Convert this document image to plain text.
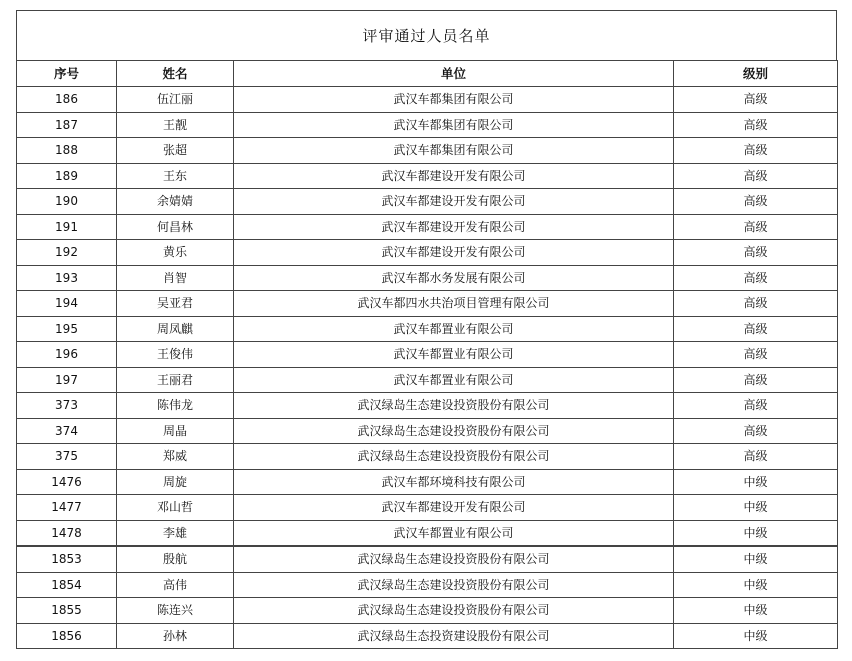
评审通过人员名单
序号	姓名	单位	级别
186	伍江丽	武汉车都集团有限公司	高级
187	王靓	武汉车都集团有限公司	高级
188	张超	武汉车都集团有限公司	高级
189	王东	武汉车都建设开发有限公司	高级
190	余婧婧	武汉车都建设开发有限公司	高级
191	何昌林	武汉车都建设开发有限公司	高级
192	黄乐	武汉车都建设开发有限公司	高级
193	肖智	武汉车都水务发展有限公司	高级
194	吴亚君	武汉车都四水共治项目管理有限公司	高级
195	周凤麒	武汉车都置业有限公司	高级
196	王俊伟	武汉车都置业有限公司	高级
197	王丽君	武汉车都置业有限公司	高级
373	陈伟龙	武汉绿岛生态建设投资股份有限公司	高级
374	周晶	武汉绿岛生态建设投资股份有限公司	高级
375	郑威	武汉绿岛生态建设投资股份有限公司	高级
1476	周旋	武汉车都环境科技有限公司	中级
1477	邓山哲	武汉车都建设开发有限公司	中级
1478	李雄	武汉车都置业有限公司	中级
1853	殷航	武汉绿岛生态建设投资股份有限公司	中级
1854	高伟	武汉绿岛生态建设投资股份有限公司	中级
1855	陈连兴	武汉绿岛生态建设投资股份有限公司	中级
1856	孙林	武汉绿岛生态投资建设股份有限公司	中级
